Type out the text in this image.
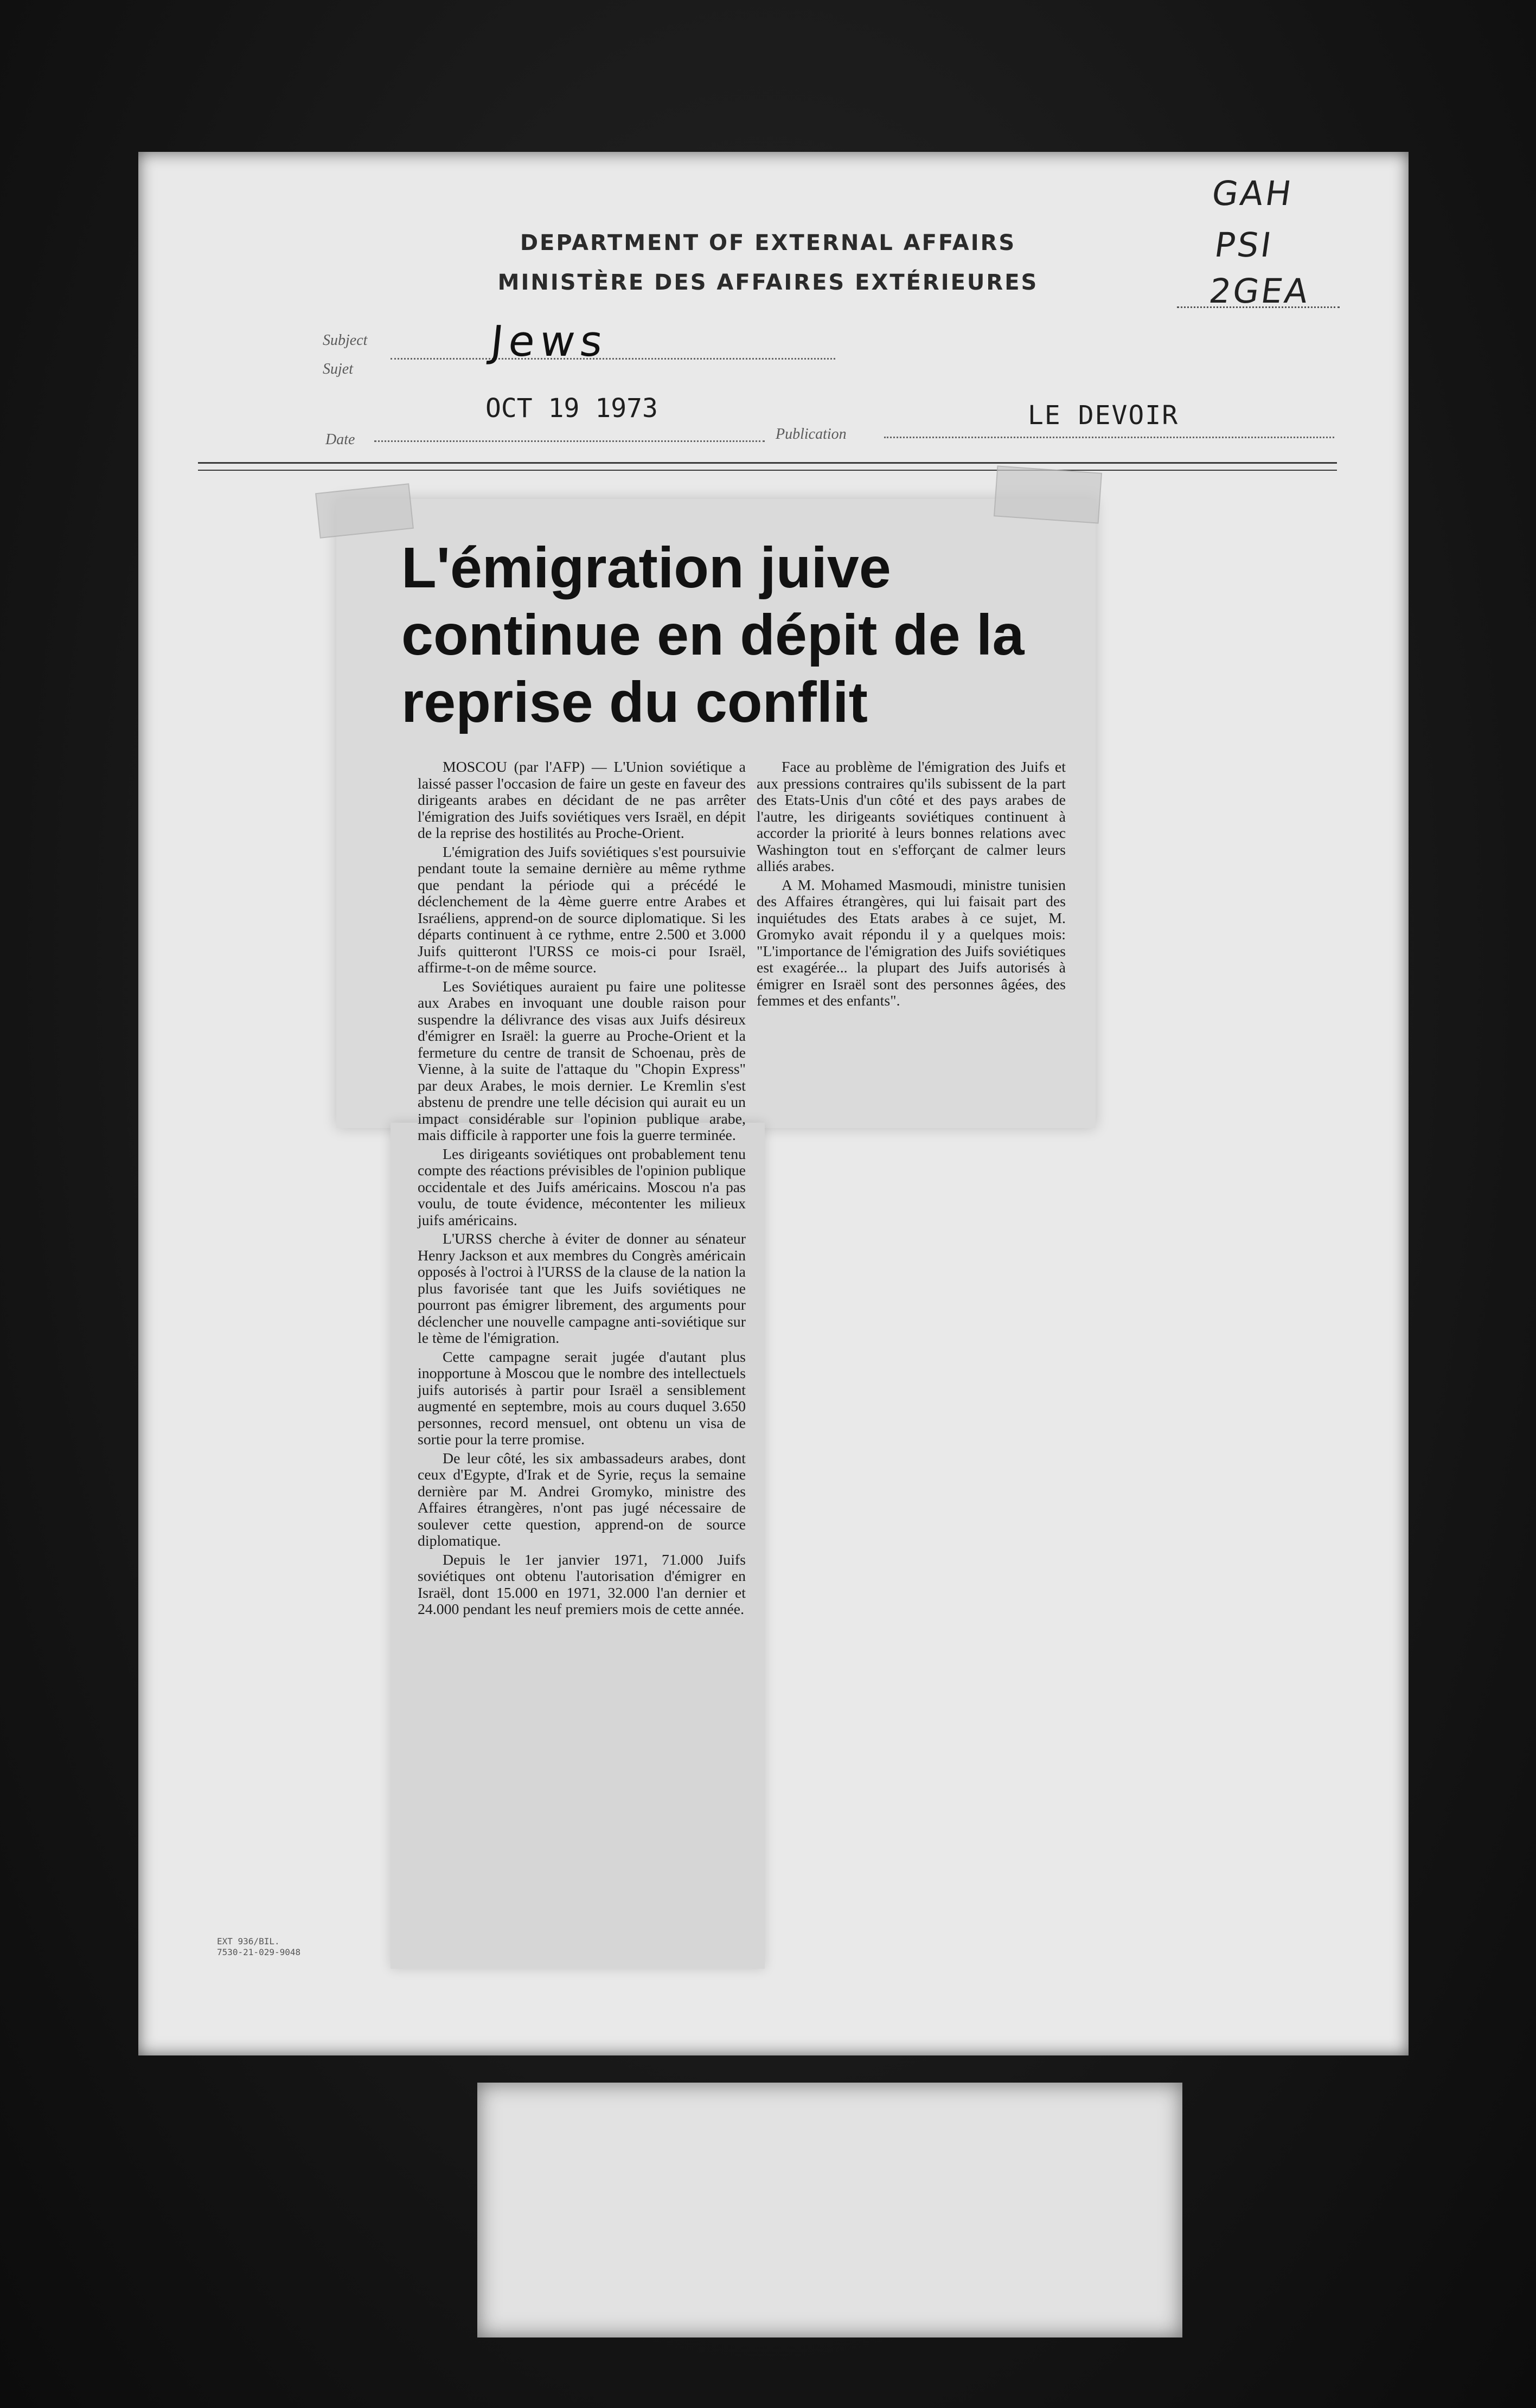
DEPARTMENT OF EXTERNAL AFFAIRS
MINISTÈRE DES AFFAIRES EXTÉRIEURES
GAH
PSI
2GEA
Subject
Sujet
Jews
OCT 19 1973	LE DEVOIR
Date	Publication
L'émigration juive continue en dépit de la reprise du conflit

MOSCOU (par l'AFP) — L'Union soviétique a laissé passer l'occasion de faire un geste en faveur des dirigeants arabes en décidant de ne pas arrêter l'émigration des Juifs soviétiques vers Israël, en dépit de la reprise des hostilités au Proche-Orient.

L'émigration des Juifs soviétiques s'est poursuivie pendant toute la semaine dernière au même rythme que pendant la période qui a précédé le déclenchement de la 4ème guerre entre Arabes et Israéliens, apprend-on de source diplomatique. Si les départs continuent à ce rythme, entre 2.500 et 3.000 Juifs quitteront l'URSS ce mois-ci pour Israël, affirme-t-on de même source.

Les Soviétiques auraient pu faire une politesse aux Arabes en invoquant une double raison pour suspendre la délivrance des visas aux Juifs désireux d'émigrer en Israël: la guerre au Proche-Orient et la fermeture du centre de transit de Schoenau, près de Vienne, à la suite de l'attaque du "Chopin Express" par deux Arabes, le mois dernier. Le Kremlin s'est abstenu de prendre une telle décision qui aurait eu un impact considérable sur l'opinion publique arabe, mais difficile à rapporter une fois la guerre terminée.

Les dirigeants soviétiques ont probablement tenu compte des réactions prévisibles de l'opinion publique occidentale et des Juifs américains. Moscou n'a pas voulu, de toute évidence, mécontenter les milieux juifs américains.

L'URSS cherche à éviter de donner au sénateur Henry Jackson et aux membres du Congrès américain opposés à l'octroi à l'URSS de la clause de la nation la plus favorisée tant que les Juifs soviétiques ne pourront pas émigrer librement, des arguments pour déclencher une nouvelle campagne anti-soviétique sur le tème de l'émigration.

Cette campagne serait jugée d'autant plus inopportune à Moscou que le nombre des intellectuels juifs autorisés à partir pour Israël a sensiblement augmenté en septembre, mois au cours duquel 3.650 personnes, record mensuel, ont obtenu un visa de sortie pour la terre promise.

De leur côté, les six ambassadeurs arabes, dont ceux d'Egypte, d'Irak et de Syrie, reçus la semaine dernière par M. Andrei Gromyko, ministre des Affaires étrangères, n'ont pas jugé nécessaire de soulever cette question, apprend-on de source diplomatique.

Depuis le 1er janvier 1971, 71.000 Juifs soviétiques ont obtenu l'autorisation d'émigrer en Israël, dont 15.000 en 1971, 32.000 l'an dernier et 24.000 pendant les neuf premiers mois de cette année.

Face au problème de l'émigration des Juifs et aux pressions contraires qu'ils subissent de la part des Etats-Unis d'un côté et des pays arabes de l'autre, les dirigeants soviétiques continuent à accorder la priorité à leurs bonnes relations avec Washington tout en s'efforçant de calmer leurs alliés arabes.

A M. Mohamed Masmoudi, ministre tunisien des Affaires étrangères, qui lui faisait part des inquiétudes des Etats arabes à ce sujet, M. Gromyko avait répondu il y a quelques mois: "L'importance de l'émigration des Juifs soviétiques est exagérée... la plupart des Juifs autorisés à émigrer en Israël sont des personnes âgées, des femmes et des enfants".

EXT 936/BIL.
7530-21-029-9048
